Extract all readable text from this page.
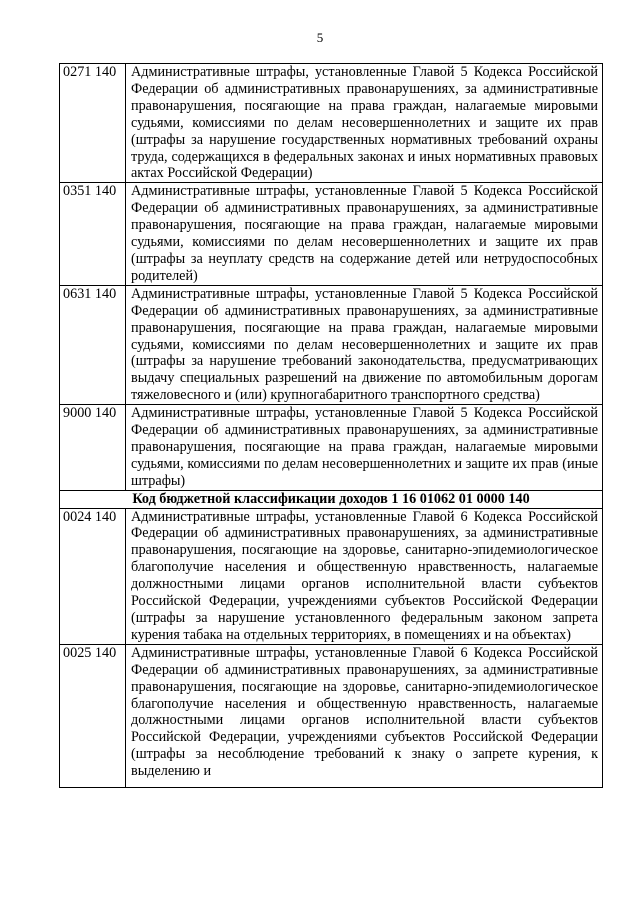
5
0271 140	Административные штрафы, установленные Главой 5 Кодекса Российской Федерации об административных правонарушениях, за административные правонарушения, посягающие на права граждан, налагаемые мировыми судьями, комиссиями по делам несовершеннолетних и защите их прав (штрафы за нарушение государственных нормативных требований охраны труда, содержащихся в федеральных законах и иных нормативных правовых актах Российской Федерации)
0351 140	Административные штрафы, установленные Главой 5 Кодекса Российской Федерации об административных правонарушениях, за административные правонарушения, посягающие на права граждан, налагаемые мировыми судьями, комиссиями по делам несовершеннолетних и защите их прав (штрафы за неуплату средств на содержание детей или нетрудоспособных родителей)
0631 140	Административные штрафы, установленные Главой 5 Кодекса Российской Федерации об административных правонарушениях, за административные правонарушения, посягающие на права граждан, налагаемые мировыми судьями, комиссиями по делам несовершеннолетних и защите их прав (штрафы за нарушение требований законодательства, предусматривающих выдачу специальных разрешений на движение по автомобильным дорогам тяжеловесного и (или) крупногабаритного транспортного средства)
9000 140	Административные штрафы, установленные Главой 5 Кодекса Российской Федерации об административных правонарушениях, за административные правонарушения, посягающие на права граждан, налагаемые мировыми судьями, комиссиями по делам несовершеннолетних и защите их прав (иные штрафы)
Код бюджетной классификации доходов 1 16 01062 01 0000 140	
0024 140	Административные штрафы, установленные Главой 6 Кодекса Российской Федерации об административных правонарушениях, за административные правонарушения, посягающие на здоровье, санитарно-эпидемиологическое благополучие населения и общественную нравственность, налагаемые должностными лицами органов исполнительной власти субъектов Российской Федерации, учреждениями субъектов Российской Федерации (штрафы за нарушение установленного федеральным законом запрета курения табака на отдельных территориях, в помещениях и на объектах)
0025 140	Административные штрафы, установленные Главой 6 Кодекса Российской Федерации об административных правонарушениях, за административные правонарушения, посягающие на здоровье, санитарно-эпидемиологическое благополучие населения и общественную нравственность, налагаемые должностными лицами органов исполнительной власти субъектов Российской Федерации, учреждениями субъектов Российской Федерации (штрафы за несоблюдение требований к знаку о запрете курения, к выделению и
